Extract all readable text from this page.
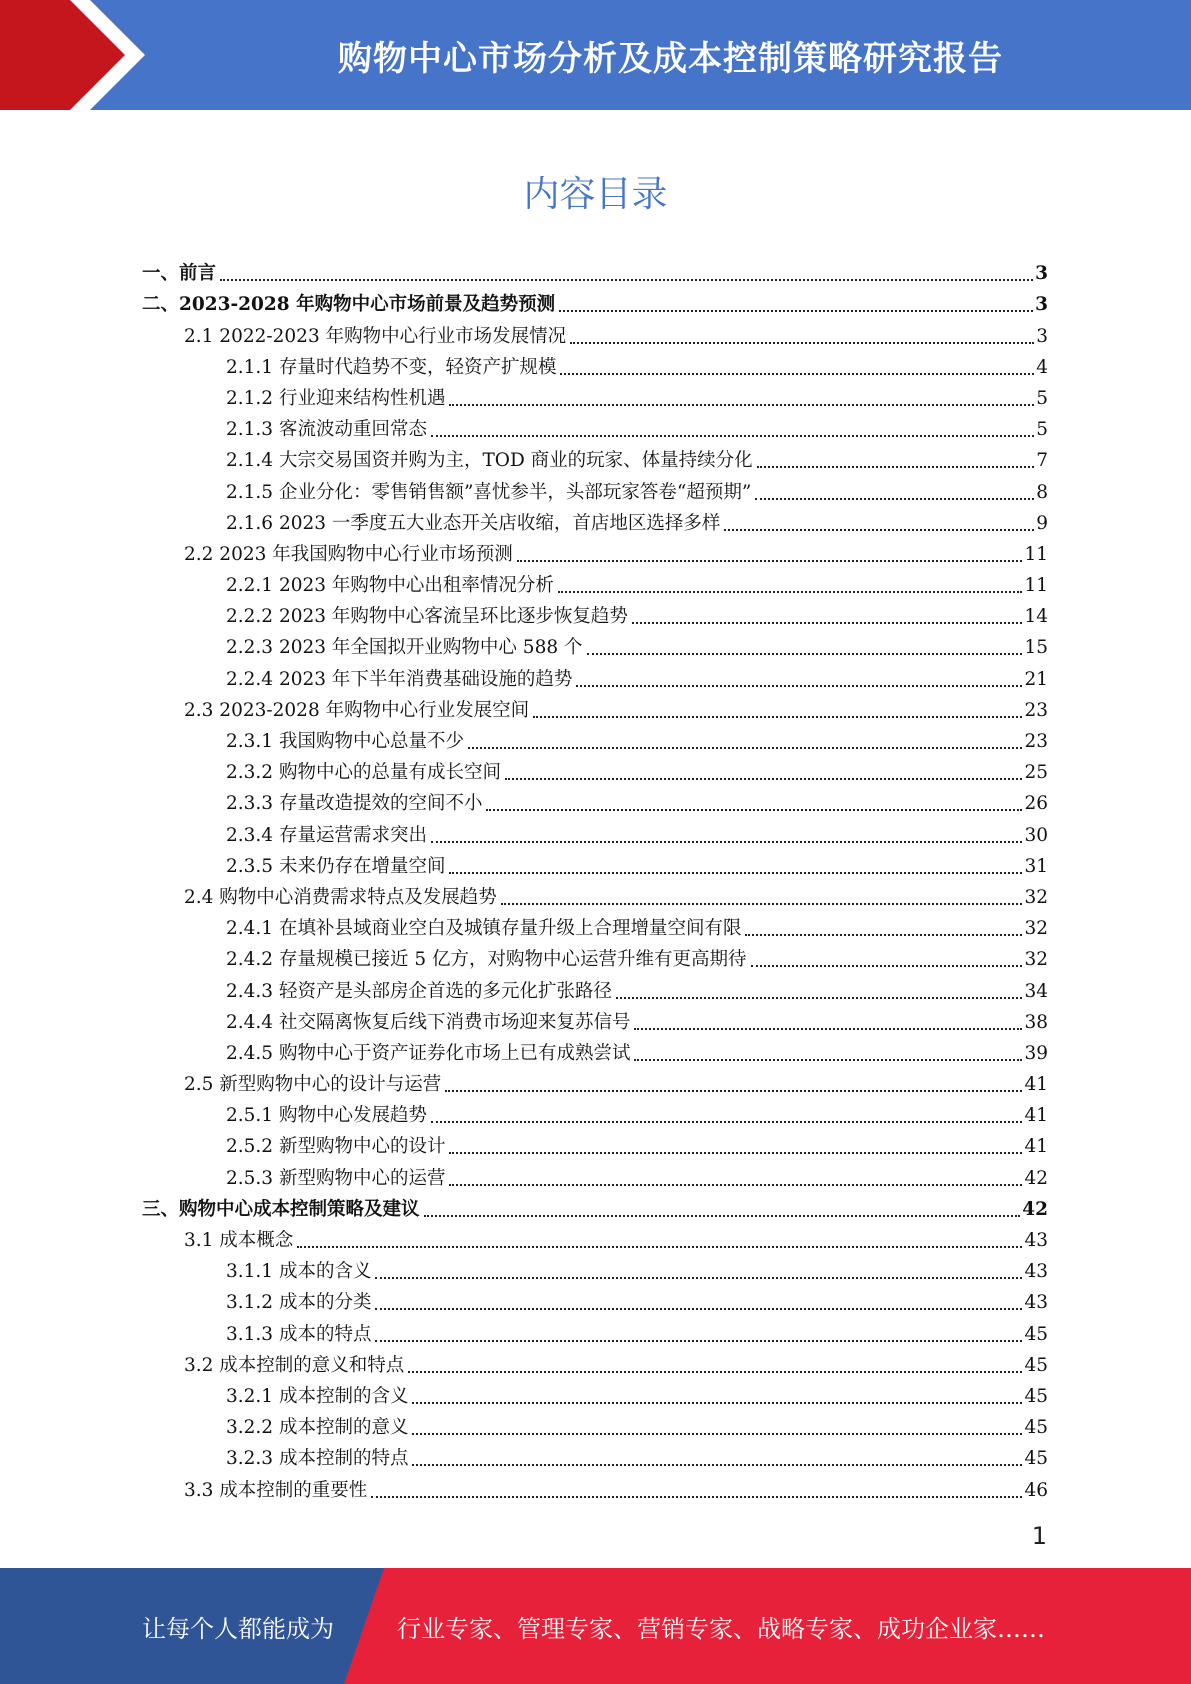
购物中心市场分析及成本控制策略研究报告
内容目录
一、前言	3
二、2023-2028 年购物中心市场前景及趋势预测	3
2.1 2022-2023 年购物中心行业市场发展情况	3
2.1.1 存量时代趋势不变，轻资产扩规模	4
2.1.2 行业迎来结构性机遇	5
2.1.3 客流波动重回常态	5
2.1.4 大宗交易国资并购为主，TOD 商业的玩家、体量持续分化	7
2.1.5 企业分化：零售销售额”喜忧参半，头部玩家答卷“超预期”	8
2.1.6 2023 一季度五大业态开关店收缩，首店地区选择多样	9
2.2 2023 年我国购物中心行业市场预测	11
2.2.1 2023 年购物中心出租率情况分析	11
2.2.2 2023 年购物中心客流呈环比逐步恢复趋势	14
2.2.3 2023 年全国拟开业购物中心 588 个	15
2.2.4 2023 年下半年消费基础设施的趋势	21
2.3 2023-2028 年购物中心行业发展空间	23
2.3.1 我国购物中心总量不少	23
2.3.2 购物中心的总量有成长空间	25
2.3.3 存量改造提效的空间不小	26
2.3.4 存量运营需求突出	30
2.3.5 未来仍存在增量空间	31
2.4 购物中心消费需求特点及发展趋势	32
2.4.1 在填补县域商业空白及城镇存量升级上合理增量空间有限	32
2.4.2 存量规模已接近 5 亿方，对购物中心运营升维有更高期待	32
2.4.3 轻资产是头部房企首选的多元化扩张路径	34
2.4.4 社交隔离恢复后线下消费市场迎来复苏信号	38
2.4.5 购物中心于资产证券化市场上已有成熟尝试	39
2.5 新型购物中心的设计与运营	41
2.5.1 购物中心发展趋势	41
2.5.2 新型购物中心的设计	41
2.5.3 新型购物中心的运营	42
三、购物中心成本控制策略及建议	42
3.1 成本概念	43
3.1.1 成本的含义	43
3.1.2 成本的分类	43
3.1.3 成本的特点	45
3.2 成本控制的意义和特点	45
3.2.1 成本控制的含义	45
3.2.2 成本控制的意义	45
3.2.3 成本控制的特点	45
3.3 成本控制的重要性	46
1
让每个人都能成为	行业专家、管理专家、营销专家、战略专家、成功企业家……
